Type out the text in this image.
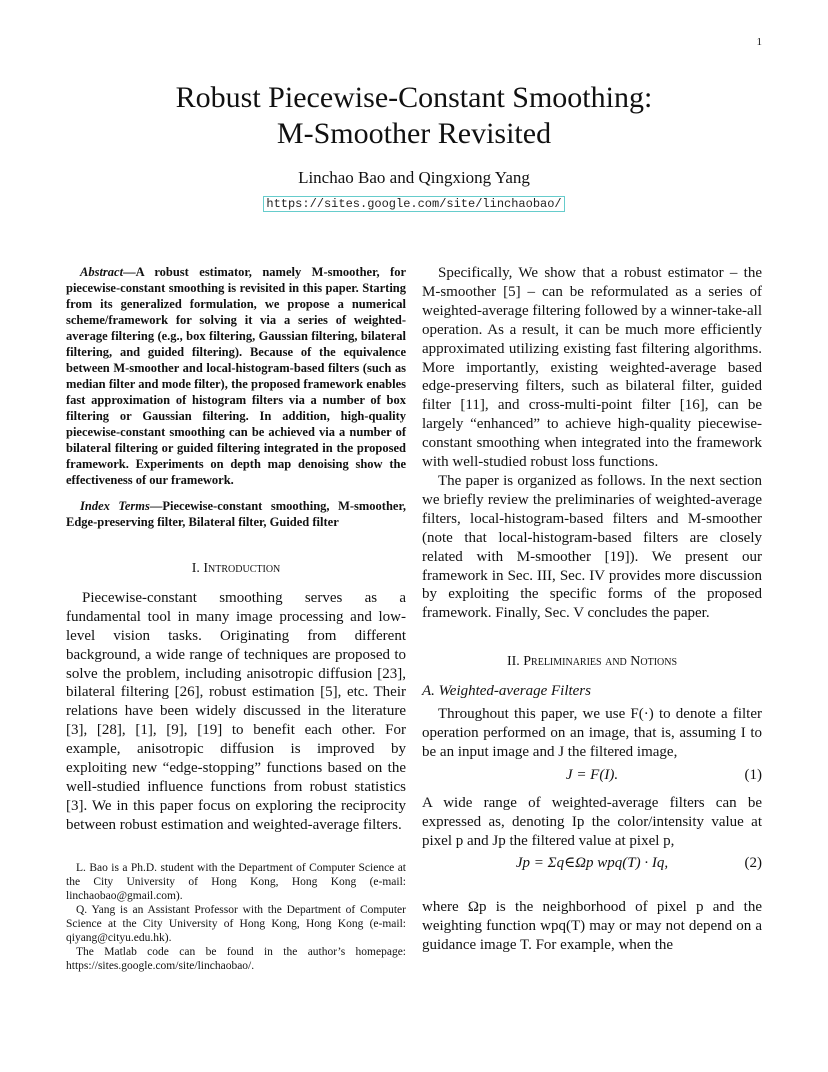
1
Robust Piecewise-Constant Smoothing:
M-Smoother Revisited
Linchao Bao and Qingxiong Yang
https://sites.google.com/site/linchaobao/

Abstract—A robust estimator, namely M-smoother, for piecewise-constant smoothing is revisited in this paper. Starting from its generalized formulation, we propose a numerical scheme/framework for solving it via a series of weighted-average filtering (e.g., box filtering, Gaussian filtering, bilateral filtering, and guided filtering). Because of the equivalence between M-smoother and local-histogram-based filters (such as median filter and mode filter), the proposed framework enables fast approximation of histogram filters via a number of box filtering or Gaussian filtering. In addition, high-quality piecewise-constant smoothing can be achieved via a number of bilateral filtering or guided filtering integrated in the proposed framework. Experiments on depth map denoising show the effectiveness of our framework.

Index Terms—Piecewise-constant smoothing, M-smoother, Edge-preserving filter, Bilateral filter, Guided filter

I. Introduction

Piecewise-constant smoothing serves as a fundamental tool in many image processing and low-level vision tasks. Originating from different background, a wide range of techniques are proposed to solve the problem, including anisotropic diffusion [23], bilateral filtering [26], robust estimation [5], etc. Their relations have been widely discussed in the literature [3], [28], [1], [9], [19] to benefit each other. For example, anisotropic diffusion is improved by exploiting new “edge-stopping” functions based on the well-studied influence functions from robust statistics [3]. We in this paper focus on exploring the reciprocity between robust estimation and weighted-average filters.

L. Bao is a Ph.D. student with the Department of Computer Science at the City University of Hong Kong, Hong Kong (e-mail: linchaobao@gmail.com).

Q. Yang is an Assistant Professor with the Department of Computer Science at the City University of Hong Kong, Hong Kong (e-mail: qiyang@cityu.edu.hk).

The Matlab code can be found in the author’s homepage: https://sites.google.com/site/linchaobao/.

Specifically, We show that a robust estimator – the M-smoother [5] – can be reformulated as a series of weighted-average filtering followed by a winner-take-all operation. As a result, it can be much more efficiently approximated utilizing existing fast filtering algorithms. More importantly, existing weighted-average based edge-preserving filters, such as bilateral filter, guided filter [11], and cross-multi-point filter [16], can be largely “enhanced” to achieve high-quality piecewise-constant smoothing when integrated into the framework with well-studied robust loss functions.

The paper is organized as follows. In the next section we briefly review the preliminaries of weighted-average filters, local-histogram-based filters and M-smoother (note that local-histogram-based filters are closely related with M-smoother [19]). We present our framework in Sec. III, Sec. IV provides more discussion by exploiting the specific forms of the proposed framework. Finally, Sec. V concludes the paper.

II. Preliminaries and Notions
A. Weighted-average Filters

Throughout this paper, we use F(·) to denote a filter operation performed on an image, that is, assuming I to be an input image and J the filtered image,

J = F(I).	(1)

A wide range of weighted-average filters can be expressed as, denoting Ip the color/intensity value at pixel p and Jp the filtered value at pixel p,

Jp = Σq∈Ωp wpq(T) · Iq,	(2)

where Ωp is the neighborhood of pixel p and the weighting function wpq(T) may or may not depend on a guidance image T. For example, when the
